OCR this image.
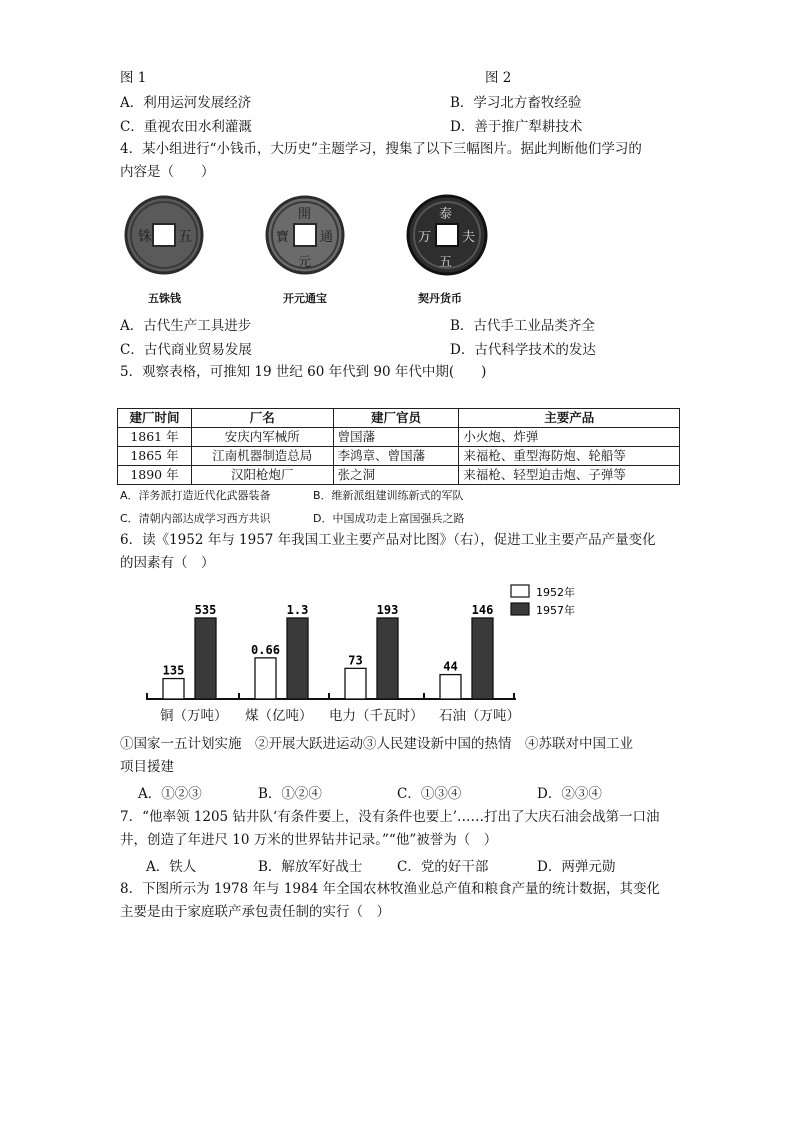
图 1	图 2
A．利用运河发展经济	B．学习北方畜牧经验
C．重视农田水利灌溉	D．善于推广犁耕技术
4．某小组进行“小钱币，大历史”主题学习，搜集了以下三幅图片。据此判断他们学习的
内容是（　　）
铢 五
開
元
通
寶
泰
夫
万
五
五铢钱	开元通宝	契丹货币
A．古代生产工具进步	B．古代手工业品类齐全
C．古代商业贸易发展	D．古代科学技术的发达
5．观察表格，可推知 19 世纪 60 年代到 90 年代中期(　　)
建厂时间	厂名	建厂官员	主要产品
1861 年	安庆内军械所	曾国藩	小火炮、炸弹
1865 年	江南机器制造总局	李鸿章、曾国藩	来福枪、重型海防炮、轮船等
1890 年	汉阳枪炮厂	张之洞	来福枪、轻型迫击炮、子弹等
A．洋务派打造近代化武器装备	B．维新派组建训练新式的军队
C．清朝内部达成学习西方共识	D．中国成功走上富国强兵之路
6．读《1952 年与 1957 年我国工业主要产品对比图》（右），促进工业主要产品产量变化
的因素有（　）
135
535
0.66
1.3
73
193
44
146
1952年
1957年
铜（万吨） 煤（亿吨） 电力（千瓦时） 石油（万吨）
①国家一五计划实施　②开展大跃进运动③人民建设新中国的热情　④苏联对中国工业
项目援建
A．①②③	B．①②④	C．①③④	D．②③④
7．“他率领 1205 钻井队‘有条件要上，没有条件也要上’……打出了大庆石油会战第一口油
井，创造了年进尺 10 万米的世界钻井记录。”“他”被誉为（　）
A．铁人	B．解放军好战士	C．党的好干部	D．两弹元勋
8．下图所示为 1978 年与 1984 年全国农林牧渔业总产值和粮食产量的统计数据，其变化
主要是由于家庭联产承包责任制的实行（　）
